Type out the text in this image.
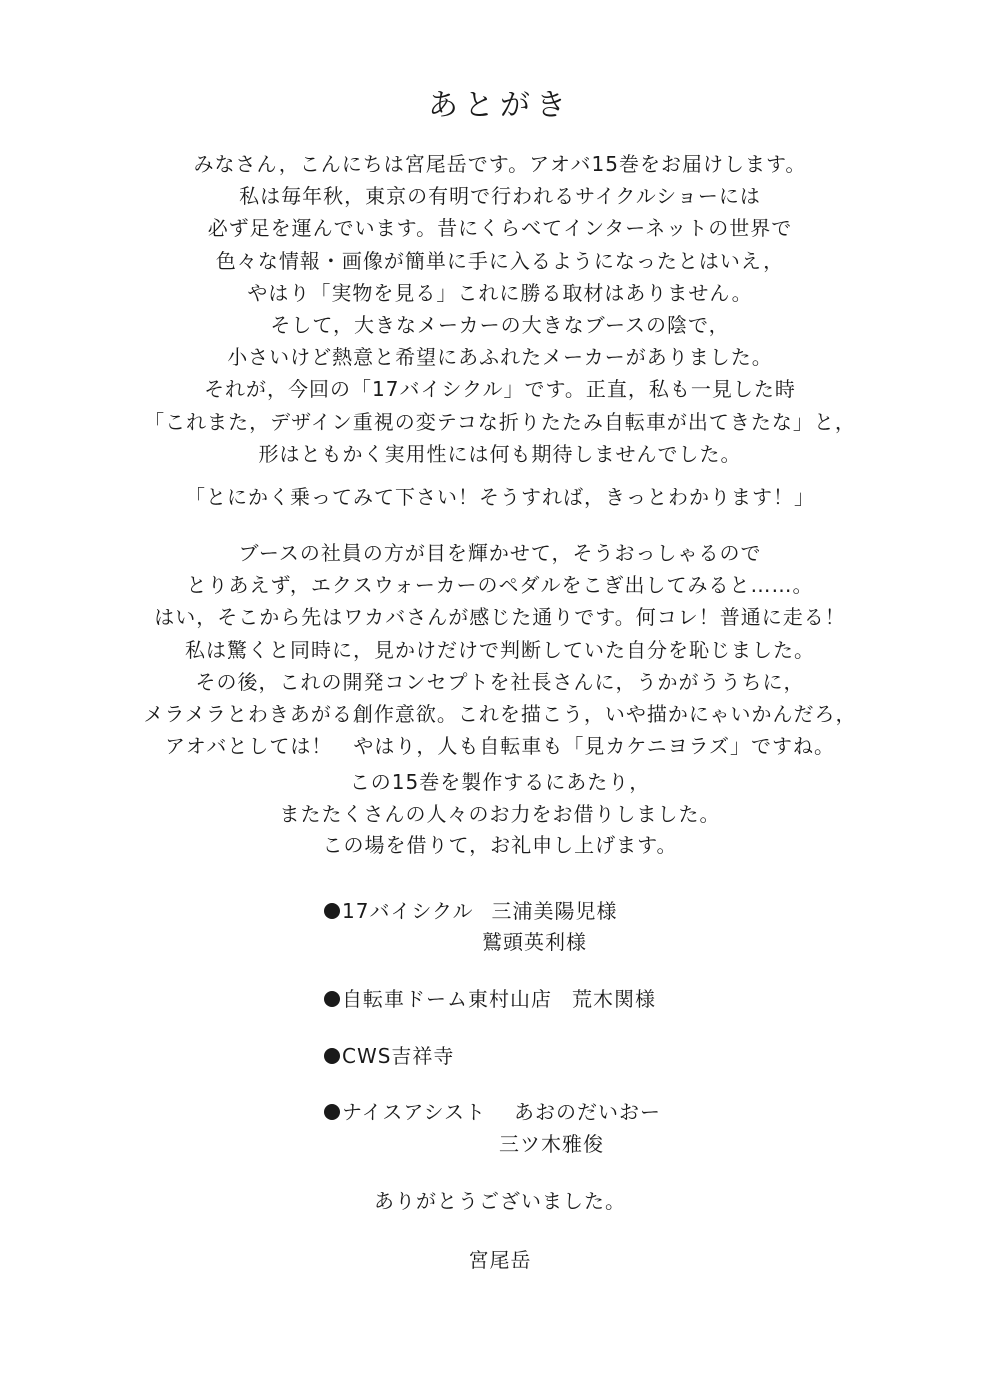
あとがき
みなさん，こんにちは宮尾岳です。アオバ15巻をお届けします。
私は毎年秋，東京の有明で行われるサイクルショーには
必ず足を運んでいます。昔にくらべてインターネットの世界で
色々な情報・画像が簡単に手に入るようになったとはいえ，
やはり「実物を見る」これに勝る取材はありません。
そして，大きなメーカーの大きなブースの陰で，
小さいけど熱意と希望にあふれたメーカーがありました。
それが，今回の「17バイシクル」です。正直，私も一見した時
「これまた，デザイン重視の変テコな折りたたみ自転車が出てきたな」と，
形はともかく実用性には何も期待しませんでした。
「とにかく乗ってみて下さい！そうすれば，きっとわかります！」
ブースの社員の方が目を輝かせて，そうおっしゃるので
とりあえず，エクスウォーカーのペダルをこぎ出してみると……。
はい，そこから先はワカバさんが感じた通りです。何コレ！普通に走る！
私は驚くと同時に，見かけだけで判断していた自分を恥じました。
その後，これの開発コンセプトを社長さんに，うかがううちに，
メラメラとわきあがる創作意欲。これを描こう，いや描かにゃいかんだろ，
アオバとしては！　やはり，人も自転車も「見カケニヨラズ」ですね。
この15巻を製作するにあたり，
またたくさんの人々のお力をお借りしました。
この場を借りて，お礼申し上げます。
17バイシクル 三浦美陽児様
鷲頭英利様
自転車ドーム東村山店 荒木関様
CWS吉祥寺
ナイスアシスト あおのだいおー
三ツ木雅俊
ありがとうございました。
宮尾岳
